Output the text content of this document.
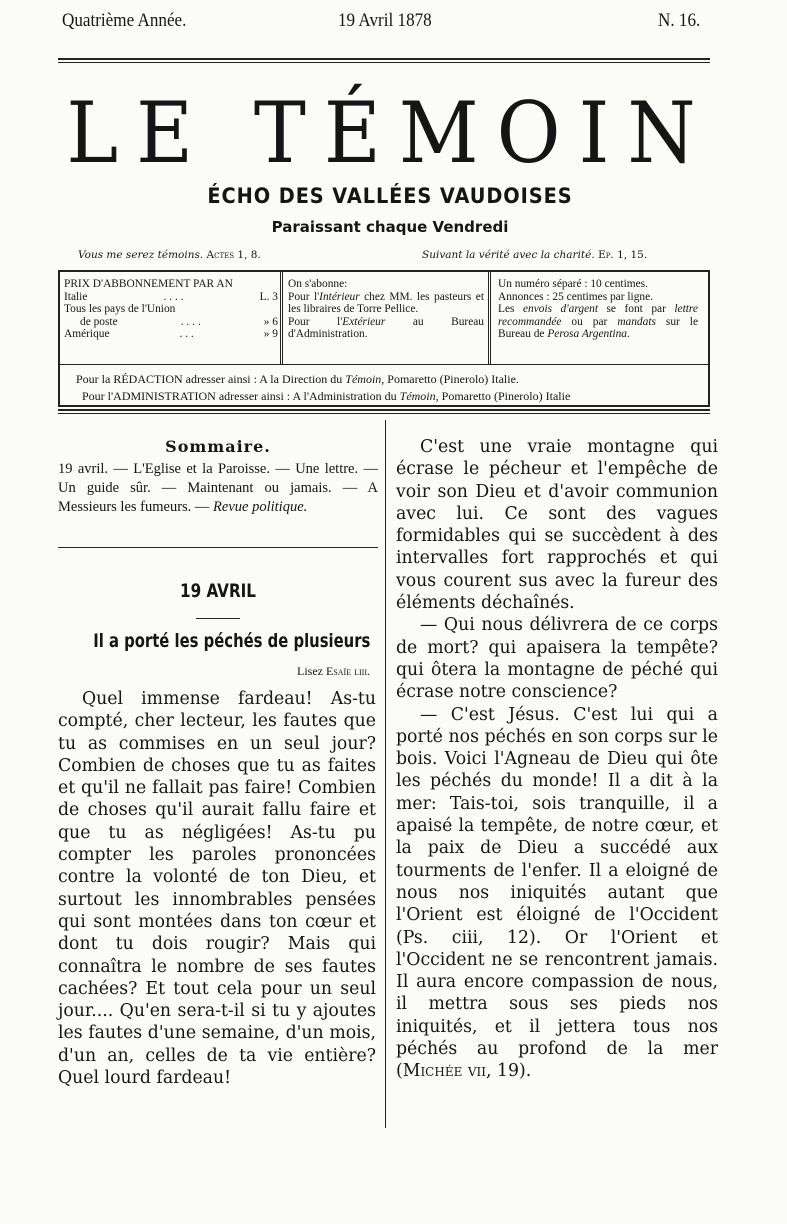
Quatrième Année.	19 Avril 1878	N. 16.
LE TÉMOIN
ÉCHO DES VALLÉES VAUDOISES
Paraissant chaque Vendredi
Vous me serez témoins. Actes 1, 8.	Suivant la vérité avec la charité. Ep. 1, 15.
PRIX D'ABBONNEMENT PAR AN
Italie	. . . .	L. 3
Tous les pays de l'Union
de poste	. . . .	» 6
Amérique	. . .	» 9
On s'abonne:
Pour l'Intérieur chez MM. les pasteurs et les libraires de Torre Pellice.
Pour l'Extérieur au Bureau d'Administration.
Un numéro séparé : 10 centimes.
Annonces : 25 centimes par ligne.
Les envois d'argent se font par lettre recommandée ou par mandats sur le Bureau de Perosa Argentina.
Pour la RÉDACTION adresser ainsi : A la Direction du Témoin, Pomaretto (Pinerolo) Italie.
Pour l'ADMINISTRATION adresser ainsi : A l'Administration du Témoin, Pomaretto (Pinerolo) Italie
Sommaire.
19 avril. — L'Eglise et la Paroisse. — Une lettre. — Un guide sûr. — Maintenant ou jamais. — A Messieurs les fumeurs. — Revue politique.
19 AVRIL
Il a porté les péchés de plusieurs
Lisez Esaïe liii.

Quel immense fardeau! As-tu compté, cher lecteur, les fautes que tu as commises en un seul jour? Combien de choses que tu as faites et qu'il ne fallait pas faire! Combien de choses qu'il aurait fallu faire et que tu as négligées! As-tu pu compter les paroles prononcées contre la volonté de ton Dieu, et surtout les innombrables pensées qui sont montées dans ton cœur et dont tu dois rougir? Mais qui connaîtra le nombre de ses fautes cachées? Et tout cela pour un seul jour.... Qu'en sera-t-il si tu y ajoutes les fautes d'une semaine, d'un mois, d'un an, celles de ta vie entière? Quel lourd fardeau!

C'est une vraie montagne qui écrase le pécheur et l'empêche de voir son Dieu et d'avoir communion avec lui. Ce sont des vagues formidables qui se succèdent à des intervalles fort rapprochés et qui vous courent sus avec la fureur des éléments déchaînés.

— Qui nous délivrera de ce corps de mort? qui apaisera la tempête? qui ôtera la montagne de péché qui écrase notre conscience?

— C'est Jésus. C'est lui qui a porté nos péchés en son corps sur le bois. Voici l'Agneau de Dieu qui ôte les péchés du monde! Il a dit à la mer: Tais-toi, sois tranquille, il a apaisé la tempête, de notre cœur, et la paix de Dieu a succédé aux tourments de l'enfer. Il a eloigné de nous nos iniquités autant que l'Orient est éloigné de l'Occident (Ps. ciii, 12). Or l'Orient et l'Occident ne se rencontrent jamais. Il aura encore compassion de nous, il mettra sous ses pieds nos iniquités, et il jettera tous nos péchés au profond de la mer (Michée vii, 19).
